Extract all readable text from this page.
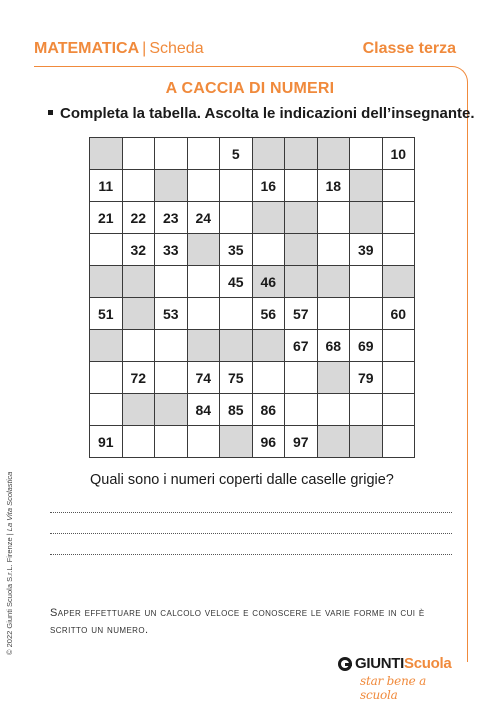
MATEMATICA | Scheda	Classe terza
A CACCIA DI NUMERI
Completa la tabella. Ascolta le indicazioni dell’insegnante.
				5					10
11					16		18		
21	22	23	24						
	32	33		35				39	
				45	46				
51		53			56	57			60
						67	68	69	
	72		74	75				79	
			84	85	86				
91					96	97			
Quali sono i numeri coperti dalle caselle grigie?
Saper effettuare un calcolo veloce e conoscere le varie forme in cui è scritto un numero.
© 2022 Giunti Scuola S.r.L. Firenze | La Vita Scolastica
GIUNTIScuola
star bene a scuola
